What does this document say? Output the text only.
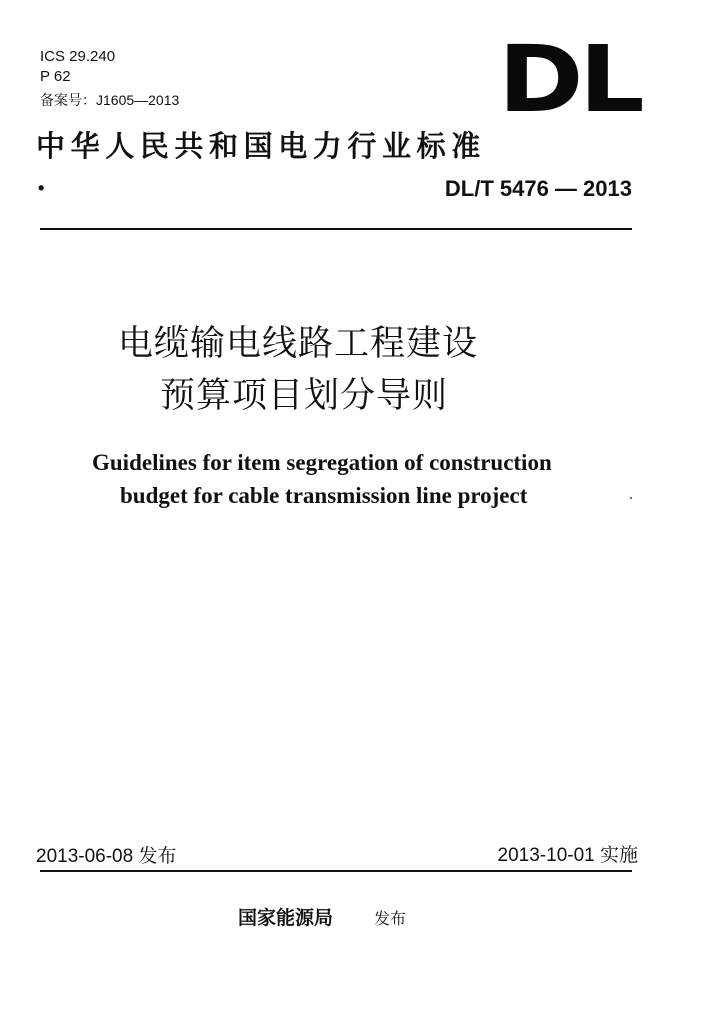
ICS 29.240
P 62
备案号：J1605—2013	DL
中华人民共和国电力行业标准
•	DL/T 5476 — 2013
电缆输电线路工程建设
预算项目划分导则
Guidelines for item segregation of construction
budget for cable transmission line project
2013-06-08 发布	2013-10-01 实施
国家能源局	发布
